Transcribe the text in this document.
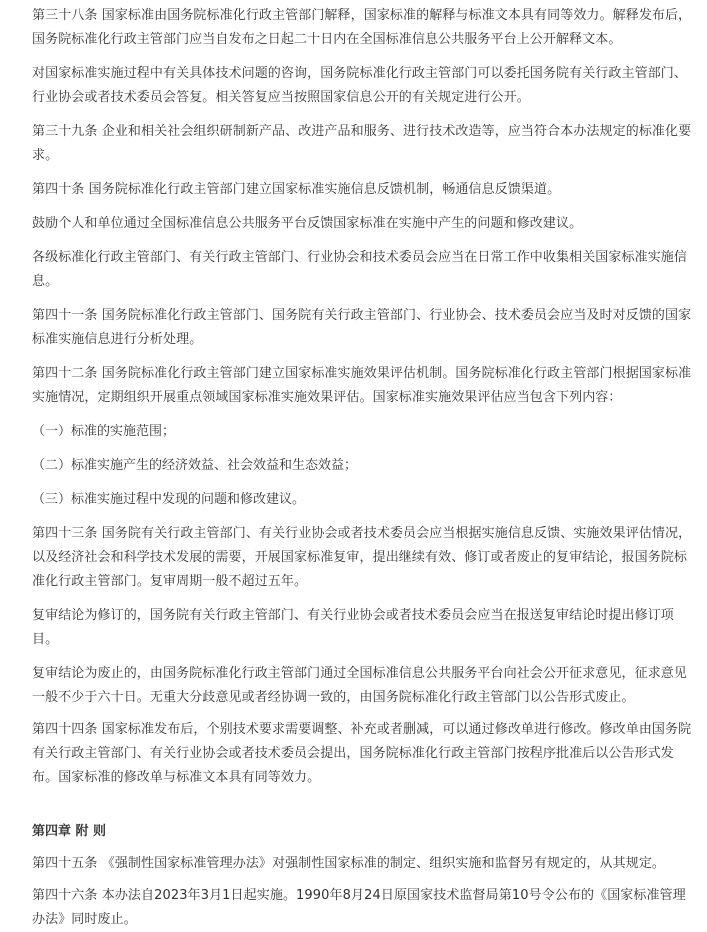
第三十八条 国家标准由国务院标准化行政主管部门解释，国家标准的解释与标准文本具有同等效力。解释发布后，国务院标准化行政主管部门应当自发布之日起二十日内在全国标准信息公共服务平台上公开解释文本。

对国家标准实施过程中有关具体技术问题的咨询，国务院标准化行政主管部门可以委托国务院有关行政主管部门、行业协会或者技术委员会答复。相关答复应当按照国家信息公开的有关规定进行公开。

第三十九条 企业和相关社会组织研制新产品、改进产品和服务、进行技术改造等，应当符合本办法规定的标准化要求。

第四十条 国务院标准化行政主管部门建立国家标准实施信息反馈机制，畅通信息反馈渠道。

鼓励个人和单位通过全国标准信息公共服务平台反馈国家标准在实施中产生的问题和修改建议。

各级标准化行政主管部门、有关行政主管部门、行业协会和技术委员会应当在日常工作中收集相关国家标准实施信息。

第四十一条 国务院标准化行政主管部门、国务院有关行政主管部门、行业协会、技术委员会应当及时对反馈的国家标准实施信息进行分析处理。

第四十二条 国务院标准化行政主管部门建立国家标准实施效果评估机制。国务院标准化行政主管部门根据国家标准实施情况，定期组织开展重点领域国家标准实施效果评估。国家标准实施效果评估应当包含下列内容：

（一）标准的实施范围；

（二）标准实施产生的经济效益、社会效益和生态效益；

（三）标准实施过程中发现的问题和修改建议。

第四十三条 国务院有关行政主管部门、有关行业协会或者技术委员会应当根据实施信息反馈、实施效果评估情况，以及经济社会和科学技术发展的需要，开展国家标准复审，提出继续有效、修订或者废止的复审结论，报国务院标准化行政主管部门。复审周期一般不超过五年。

复审结论为修订的，国务院有关行政主管部门、有关行业协会或者技术委员会应当在报送复审结论时提出修订项目。

复审结论为废止的，由国务院标准化行政主管部门通过全国标准信息公共服务平台向社会公开征求意见，征求意见一般不少于六十日。无重大分歧意见或者经协调一致的，由国务院标准化行政主管部门以公告形式废止。

第四十四条 国家标准发布后，个别技术要求需要调整、补充或者删减，可以通过修改单进行修改。修改单由国务院有关行政主管部门、有关行业协会或者技术委员会提出，国务院标准化行政主管部门按程序批准后以公告形式发布。国家标准的修改单与标准文本具有同等效力。

第四章 附 则

第四十五条 《强制性国家标准管理办法》对强制性国家标准的制定、组织实施和监督另有规定的，从其规定。

第四十六条 本办法自2023年3月1日起实施。1990年8月24日原国家技术监督局第10号令公布的《国家标准管理办法》同时废止。
